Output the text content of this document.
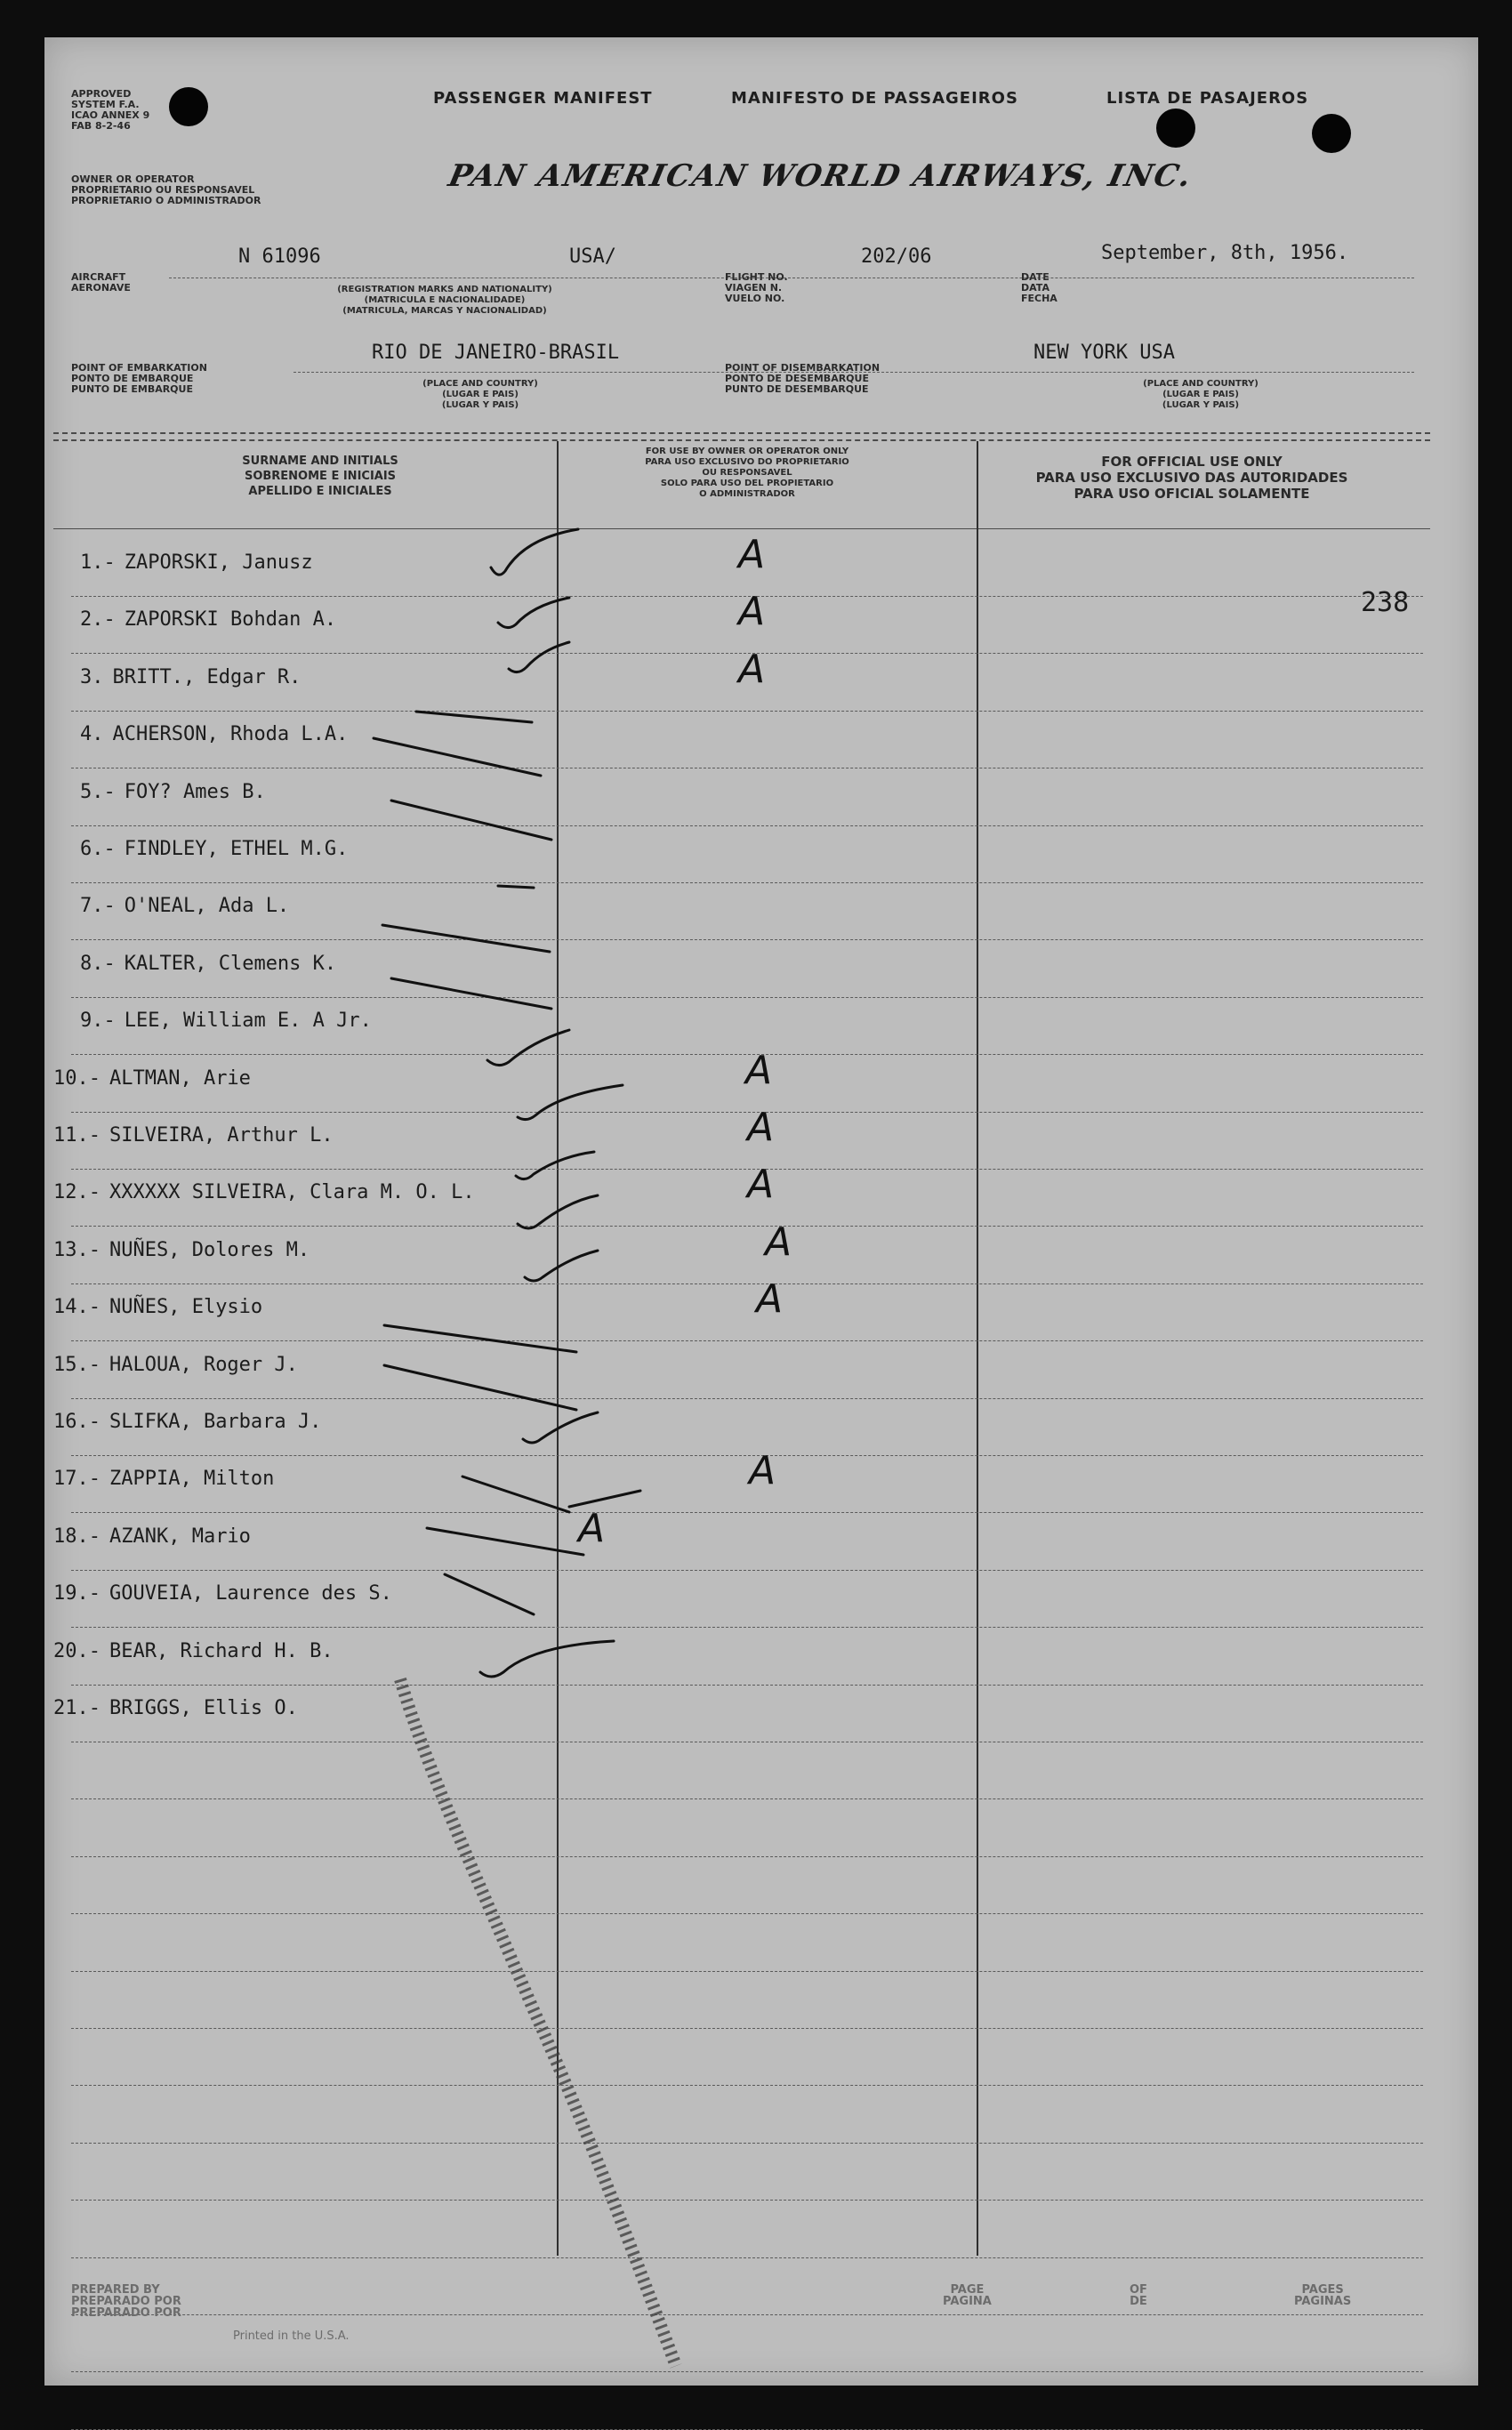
APPROVED
SYSTEM F.A.
ICAO ANNEX 9
FAB 8-2-46
PASSENGER MANIFEST	MANIFESTO DE PASSAGEIROS	LISTA DE PASAJEROS
OWNER OR OPERATOR
PROPRIETARIO OU RESPONSAVEL
PROPRIETARIO O ADMINISTRADOR
PAN AMERICAN WORLD AIRWAYS, INC.
N 61096	USA/	202/06	September, 8th, 1956.
AIRCRAFT
AERONAVE	(REGISTRATION MARKS AND NATIONALITY)
(MATRICULA E NACIONALIDADE)
(MATRICULA, MARCAS Y NACIONALIDAD)
FLIGHT NO.
VIAGEN N.
VUELO NO.
DATE
DATA
FECHA
RIO DE JANEIRO-BRASIL	NEW YORK USA
POINT OF EMBARKATION
PONTO DE EMBARQUE
PUNTO DE EMBARQUE	(PLACE AND COUNTRY)
(LUGAR E PAIS)
(LUGAR Y PAIS)
POINT OF DISEMBARKATION
PONTO DE DESEMBARQUE
PUNTO DE DESEMBARQUE	(PLACE AND COUNTRY)
(LUGAR E PAIS)
(LUGAR Y PAIS)
SURNAME AND INITIALS
SOBRENOME E INICIAIS
APELLIDO E INICIALES
FOR USE BY OWNER OR OPERATOR ONLY
PARA USO EXCLUSIVO DO PROPRIETARIO
OU RESPONSAVEL
SOLO PARA USO DEL PROPIETARIO
O ADMINISTRADOR
FOR OFFICIAL USE ONLY
PARA USO EXCLUSIVO DAS AUTORIDADES
PARA USO OFICIAL SOLAMENTE
1.- ZAPORSKI, Janusz	A
2.- ZAPORSKI Bohdan A.	A
3. BRITT., Edgar R.	A
4. ACHERSON, Rhoda L.A.
5.- FOY? Ames B.
6.- FINDLEY, ETHEL M.G.
7.- O'NEAL, Ada L.
8.- KALTER, Clemens K.
9.- LEE, William E. A Jr.
10.- ALTMAN, Arie	A
11.- SILVEIRA, Arthur L.	A
12.- XXXXXX SILVEIRA, Clara M. O. L.	A
13.- NUÑES, Dolores M.	A
14.- NUÑES, Elysio	A
15.- HALOUA, Roger J.
16.- SLIFKA, Barbara J.
17.- ZAPPIA, Milton	A
18.- AZANK, Mario	A
19.- GOUVEIA, Laurence des S.
20.- BEAR, Richard H. B.
21.- BRIGGS, Ellis O.
238
PREPARED BY
PREPARADO POR
PREPARADO POR
Printed in the U.S.A.
PAGE
PAGINA
OF
DE
PAGES
PAGINAS
